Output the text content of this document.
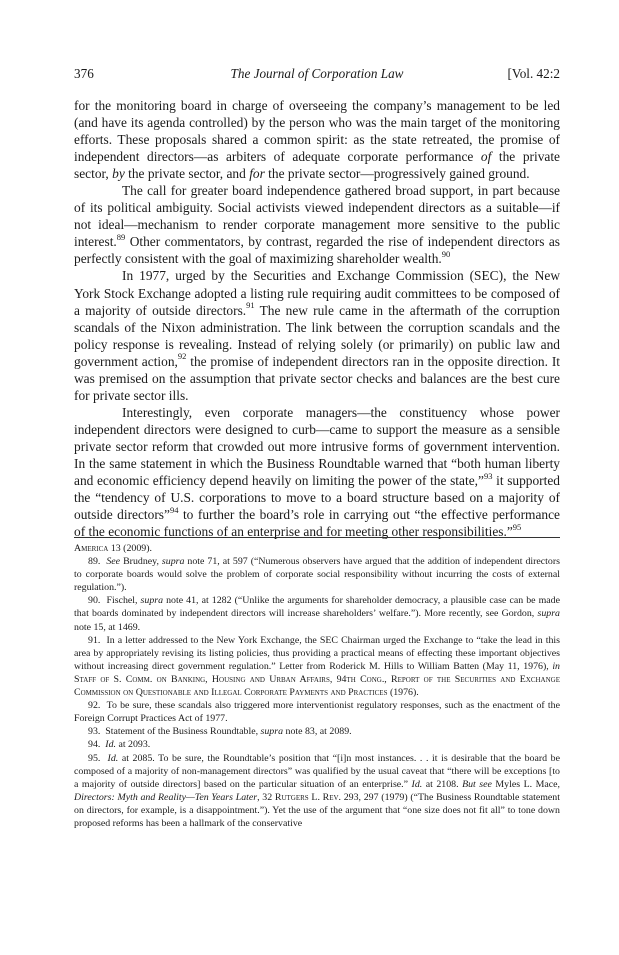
376	The Journal of Corporation Law	[Vol. 42:2

for the monitoring board in charge of overseeing the company’s management to be led (and have its agenda controlled) by the person who was the main target of the monitoring efforts. These proposals shared a common spirit: as the state retreated, the promise of independent directors—as arbiters of adequate corporate performance of the private sector, by the private sector, and for the private sector—progressively gained ground.

The call for greater board independence gathered broad support, in part because of its political ambiguity. Social activists viewed independent directors as a suitable—if not ideal—mechanism to render corporate management more sensitive to the public interest.$^{89}$ Other commentators, by contrast, regarded the rise of independent directors as perfectly consistent with the goal of maximizing shareholder wealth.$^{90}$

In 1977, urged by the Securities and Exchange Commission (SEC), the New York Stock Exchange adopted a listing rule requiring audit committees to be composed of a majority of outside directors.$^{91}$ The new rule came in the aftermath of the corruption scandals of the Nixon administration. The link between the corruption scandals and the policy response is revealing. Instead of relying solely (or primarily) on public law and government action,$^{92}$ the promise of independent directors ran in the opposite direction. It was premised on the assumption that private sector checks and balances are the best cure for private sector ills.

Interestingly, even corporate managers—the constituency whose power independent directors were designed to curb—came to support the measure as a sensible private sector reform that crowded out more intrusive forms of government intervention. In the same statement in which the Business Roundtable warned that “both human liberty and economic efficiency depend heavily on limiting the power of the state,”$^{93}$ it supported the “tendency of U.S. corporations to move to a board structure based on a majority of outside directors”$^{94}$ to further the board’s role in carrying out “the effective performance of the economic functions of an enterprise and for meeting other responsibilities.”$^{95}$

America 13 (2009).

89. See Brudney, supra note 71, at 597 (“Numerous observers have argued that the addition of independent directors to corporate boards would solve the problem of corporate social responsibility without incurring the costs of external regulation.”).

90. Fischel, supra note 41, at 1282 (“Unlike the arguments for shareholder democracy, a plausible case can be made that boards dominated by independent directors will increase shareholders’ welfare.”). More recently, see Gordon, supra note 15, at 1469.

91. In a letter addressed to the New York Exchange, the SEC Chairman urged the Exchange to “take the lead in this area by appropriately revising its listing policies, thus providing a practical means of effecting these important objectives without increasing direct government regulation.” Letter from Roderick M. Hills to William Batten (May 11, 1976), in Staff of S. Comm. on Banking, Housing and Urban Affairs, 94th Cong., Report of the Securities and Exchange Commission on Questionable and Illegal Corporate Payments and Practices (1976).

92. To be sure, these scandals also triggered more interventionist regulatory responses, such as the enactment of the Foreign Corrupt Practices Act of 1977.

93. Statement of the Business Roundtable, supra note 83, at 2089.

94. Id. at 2093.

95. Id. at 2085. To be sure, the Roundtable’s position that “[i]n most instances. . . it is desirable that the board be composed of a majority of non-management directors” was qualified by the usual caveat that “there will be exceptions [to a majority of outside directors] based on the particular situation of an enterprise.” Id. at 2108. But see Myles L. Mace, Directors: Myth and Reality—Ten Years Later, 32 Rutgers L. Rev. 293, 297 (1979) (“The Business Roundtable statement on directors, for example, is a disappointment.”). Yet the use of the argument that “one size does not fit all” to tone down proposed reforms has been a hallmark of the conservative
